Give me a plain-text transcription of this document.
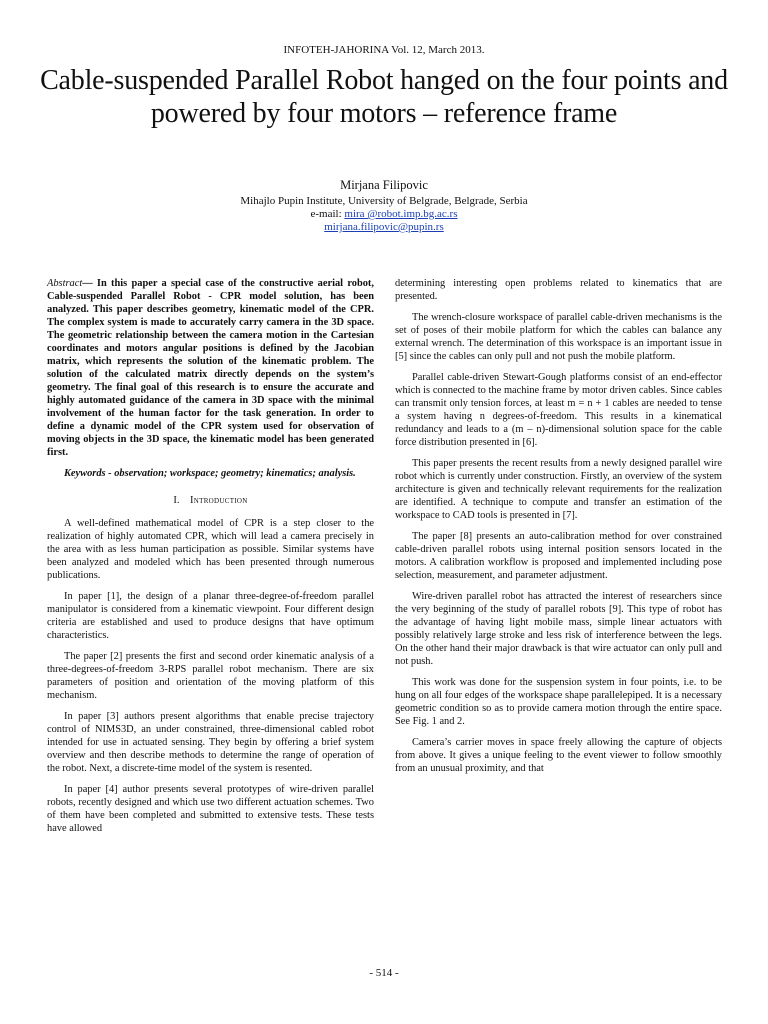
INFOTEH-JAHORINA Vol. 12, March 2013.
Cable-suspended Parallel Robot hanged on the four points and powered by four motors – reference frame
Mirjana Filipovic
Mihajlo Pupin Institute, University of Belgrade, Belgrade, Serbia
e-mail: mira @robot.imp.bg.ac.rs
mirjana.filipovic@pupin.rs

Abstract— In this paper a special case of the constructive aerial robot, Cable-suspended Parallel Robot - CPR model solution, has been analyzed. This paper describes geometry, kinematic model of the CPR. The complex system is made to accurately carry camera in the 3D space. The geometric relationship between the camera motion in the Cartesian coordinates and motors angular positions is defined by the Jacobian matrix, which represents the solution of the kinematic problem. The solution of the calculated matrix directly depends on the system’s geometry. The final goal of this research is to ensure the accurate and highly automated guidance of the camera in 3D space with the minimal involvement of the human factor for the task generation. In order to define a dynamic model of the CPR system used for observation of moving objects in the 3D space, the kinematic model has been generated first.

Keywords - observation; workspace; geometry; kinematics; analysis.

I. Introduction

A well-defined mathematical model of CPR is a step closer to the realization of highly automated CPR, which will lead a camera precisely in the area with as less human participation as possible. Similar systems have been analyzed and modeled which has been presented through numerous publications.

In paper [1], the design of a planar three-degree-of-freedom parallel manipulator is considered from a kinematic viewpoint. Four different design criteria are established and used to produce designs that have optimum characteristics.

The paper [2] presents the first and second order kinematic analysis of a three-degrees-of-freedom 3-RPS parallel robot mechanism. There are six parameters of position and orientation of the moving platform of this mechanism.

In paper [3] authors present algorithms that enable precise trajectory control of NIMS3D, an under constrained, three-dimensional cabled robot intended for use in actuated sensing. They begin by offering a brief system overview and then describe methods to determine the range of operation of the robot. Next, a discrete-time model of the system is resented.

In paper [4] author presents several prototypes of wire-driven parallel robots, recently designed and which use two different actuation schemes. Two of them have been completed and submitted to extensive tests. These tests have allowed

determining interesting open problems related to kinematics that are presented.

The wrench-closure workspace of parallel cable-driven mechanisms is the set of poses of their mobile platform for which the cables can balance any external wrench. The determination of this workspace is an important issue in [5] since the cables can only pull and not push the mobile platform.

Parallel cable-driven Stewart-Gough platforms consist of an end-effector which is connected to the machine frame by motor driven cables. Since cables can transmit only tension forces, at least m = n + 1 cables are needed to tense a system having n degrees-of-freedom. This results in a kinematical redundancy and leads to a (m – n)-dimensional solution space for the cable force distribution presented in [6].

This paper presents the recent results from a newly designed parallel wire robot which is currently under construction. Firstly, an overview of the system architecture is given and technically relevant requirements for the realization are identified. A technique to compute and transfer an estimation of the workspace to CAD tools is presented in [7].

The paper [8] presents an auto-calibration method for over constrained cable-driven parallel robots using internal position sensors located in the motors. A calibration workflow is proposed and implemented including pose selection, measurement, and parameter adjustment.

Wire-driven parallel robot has attracted the interest of researchers since the very beginning of the study of parallel robots [9]. This type of robot has the advantage of having light mobile mass, simple linear actuators with possibly relatively large stroke and less risk of interference between the legs. On the other hand their major drawback is that wire actuator can only pull and not push.

This work was done for the suspension system in four points, i.e. to be hung on all four edges of the workspace shape parallelepiped. It is a necessary geometric condition so as to provide camera motion through the entire space. See Fig. 1 and 2.

Camera’s carrier moves in space freely allowing the capture of objects from above. It gives a unique feeling to the event viewer to follow smoothly from an unusual proximity, and that

- 514 -
